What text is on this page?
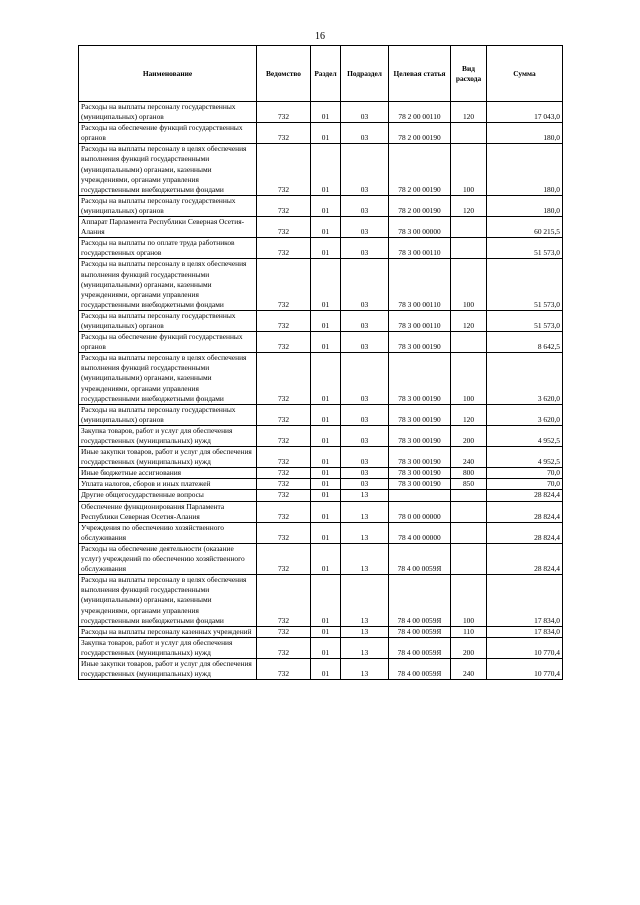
16
Наименование	Ведомство	Раздел	Подраздел	Целевая статья	Вид расхода	Сумма
Расходы на выплаты персоналу государственных (муниципальных) органов	732	01	03	78 2 00 00110	120	17 043,0
Расходы на обеспечение функций государственных органов	732	01	03	78 2 00 00190		180,0
Расходы на выплаты персоналу в целях обеспечения выполнения функций государственными (муниципальными) органами, казенными учреждениями, органами управления государственными внебюджетными фондами	732	01	03	78 2 00 00190	100	180,0
Расходы на выплаты персоналу государственных (муниципальных) органов	732	01	03	78 2 00 00190	120	180,0
Аппарат Парламента Республики Северная Осетия-Алания	732	01	03	78 3 00 00000		60 215,5
Расходы на выплаты по оплате труда работников государственных органов	732	01	03	78 3 00 00110		51 573,0
Расходы на выплаты персоналу в целях обеспечения выполнения функций государственными (муниципальными) органами, казенными учреждениями, органами управления государственными внебюджетными фондами	732	01	03	78 3 00 00110	100	51 573,0
Расходы на выплаты персоналу государственных (муниципальных) органов	732	01	03	78 3 00 00110	120	51 573,0
Расходы на обеспечение функций государственных органов	732	01	03	78 3 00 00190		8 642,5
Расходы на выплаты персоналу в целях обеспечения выполнения функций государственными (муниципальными) органами, казенными учреждениями, органами управления государственными внебюджетными фондами	732	01	03	78 3 00 00190	100	3 620,0
Расходы на выплаты персоналу государственных (муниципальных) органов	732	01	03	78 3 00 00190	120	3 620,0
Закупка товаров, работ и услуг для обеспечения государственных (муниципальных) нужд	732	01	03	78 3 00 00190	200	4 952,5
Иные закупки товаров, работ и услуг для обеспечения государственных (муниципальных) нужд	732	01	03	78 3 00 00190	240	4 952,5
Иные бюджетные ассигнования	732	01	03	78 3 00 00190	800	70,0
Уплата налогов, сборов и иных платежей	732	01	03	78 3 00 00190	850	70,0
Другие общегосударственные вопросы	732	01	13			28 824,4
Обеспечение функционирования Парламента Республики Северная Осетия-Алания	732	01	13	78 0 00 00000		28 824,4
Учреждения по обеспечению хозяйственного обслуживания	732	01	13	78 4 00 00000		28 824,4
Расходы на обеспечение деятельности (оказание услуг) учреждений по обеспечению хозяйственного обслуживания	732	01	13	78 4 00 0059Я		28 824,4
Расходы на выплаты персоналу в целях обеспечения выполнения функций государственными (муниципальными) органами, казенными учреждениями, органами управления государственными внебюджетными фондами	732	01	13	78 4 00 0059Я	100	17 834,0
Расходы на выплаты персоналу казенных учреждений	732	01	13	78 4 00 0059Я	110	17 834,0
Закупка товаров, работ и услуг для обеспечения государственных (муниципальных) нужд	732	01	13	78 4 00 0059Я	200	10 770,4
Иные закупки товаров, работ и услуг для обеспечения государственных (муниципальных) нужд	732	01	13	78 4 00 0059Я	240	10 770,4
